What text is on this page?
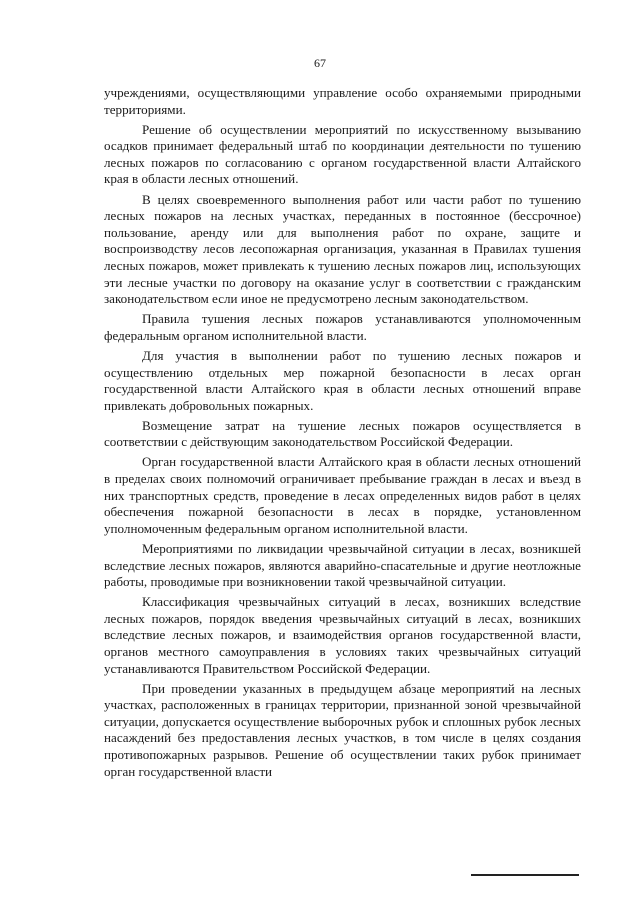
67

учреждениями, осуществляющими управление особо охраняемыми природными территориями.

Решение об осуществлении мероприятий по искусственному вызыванию осадков принимает федеральный штаб по координации деятельности по тушению лесных пожаров по согласованию с органом государственной власти Алтайского края в области лесных отношений.

В целях своевременного выполнения работ или части работ по тушению лесных пожаров на лесных участках, переданных в постоянное (бессрочное) пользование, аренду или для выполнения работ по охране, защите и воспроизводству лесов лесопожарная организация, указанная в Правилах тушения лесных пожаров, может привлекать к тушению лесных пожаров лиц, использующих эти лесные участки по договору на оказание услуг в соответствии с гражданским законодательством если иное не предусмотрено лесным законодательством.

Правила тушения лесных пожаров устанавливаются уполномоченным федеральным органом исполнительной власти.

Для участия в выполнении работ по тушению лесных пожаров и осуществлению отдельных мер пожарной безопасности в лесах орган государственной власти Алтайского края в области лесных отношений вправе привлекать добровольных пожарных.

Возмещение затрат на тушение лесных пожаров осуществляется в соответствии с действующим законодательством Российской Федерации.

Орган государственной власти Алтайского края в области лесных отношений в пределах своих полномочий ограничивает пребывание граждан в лесах и въезд в них транспортных средств, проведение в лесах определенных видов работ в целях обеспечения пожарной безопасности в лесах в порядке, установленном уполномоченным федеральным органом исполнительной власти.

Мероприятиями по ликвидации чрезвычайной ситуации в лесах, возникшей вследствие лесных пожаров, являются аварийно-спасательные и другие неотложные работы, проводимые при возникновении такой чрезвычайной ситуации.

Классификация чрезвычайных ситуаций в лесах, возникших вследствие лесных пожаров, порядок введения чрезвычайных ситуаций в лесах, возникших вследствие лесных пожаров, и взаимодействия органов государственной власти, органов местного самоуправления в условиях таких чрезвычайных ситуаций устанавливаются Правительством Российской Федерации.

При проведении указанных в предыдущем абзаце мероприятий на лесных участках, расположенных в границах территории, признанной зоной чрезвычайной ситуации, допускается осуществление выборочных рубок и сплошных рубок лесных насаждений без предоставления лесных участков, в том числе в целях создания противопожарных разрывов. Решение об осуществлении таких рубок принимает орган государственной власти
